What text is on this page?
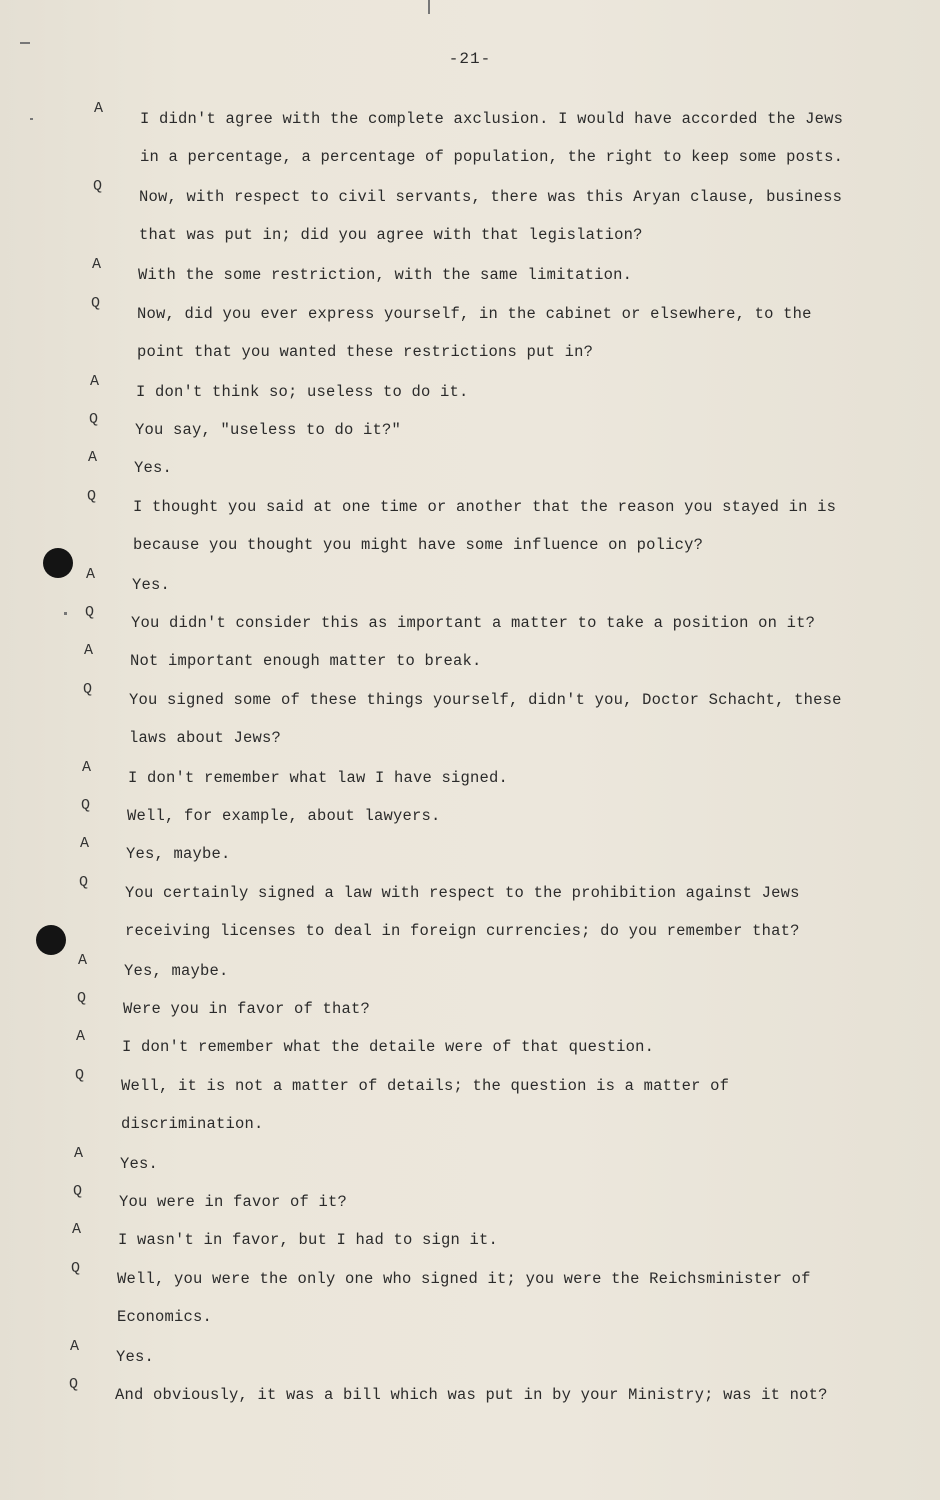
-21-
A
I didn't agree with the complete axclusion. I would have accorded the Jews in a percentage, a percentage of population, the right to keep some posts.
Q
Now, with respect to civil servants, there was this Aryan clause, business that was put in; did you agree with that legislation?
A
With the some restriction, with the same limitation.
Q
Now, did you ever express yourself, in the cabinet or elsewhere, to the point that you wanted these restrictions put in?
A
I don't think so; useless to do it.
Q
You say, "useless to do it?"
A
Yes.
Q
I thought you said at one time or another that the reason you stayed in is because you thought you might have some influence on policy?
A
Yes.
Q
You didn't consider this as important a matter to take a position on it?
A
Not important enough matter to break.
Q
You signed some of these things yourself, didn't you, Doctor Schacht, these laws about Jews?
A
I don't remember what law I have signed.
Q
Well, for example, about lawyers.
A
Yes, maybe.
Q
You certainly signed a law with respect to the prohibition against Jews receiving licenses to deal in foreign currencies; do you remember that?
A
Yes, maybe.
Q
Were you in favor of that?
A
I don't remember what the detaile were of that question.
Q
Well, it is not a matter of details; the question is a matter of discrimination.
A
Yes.
Q
You were in favor of it?
A
I wasn't in favor, but I had to sign it.
Q
Well, you were the only one who signed it; you were the Reichsminister of Economics.
A
Yes.
Q
And obviously, it was a bill which was put in by your Ministry; was it not?
